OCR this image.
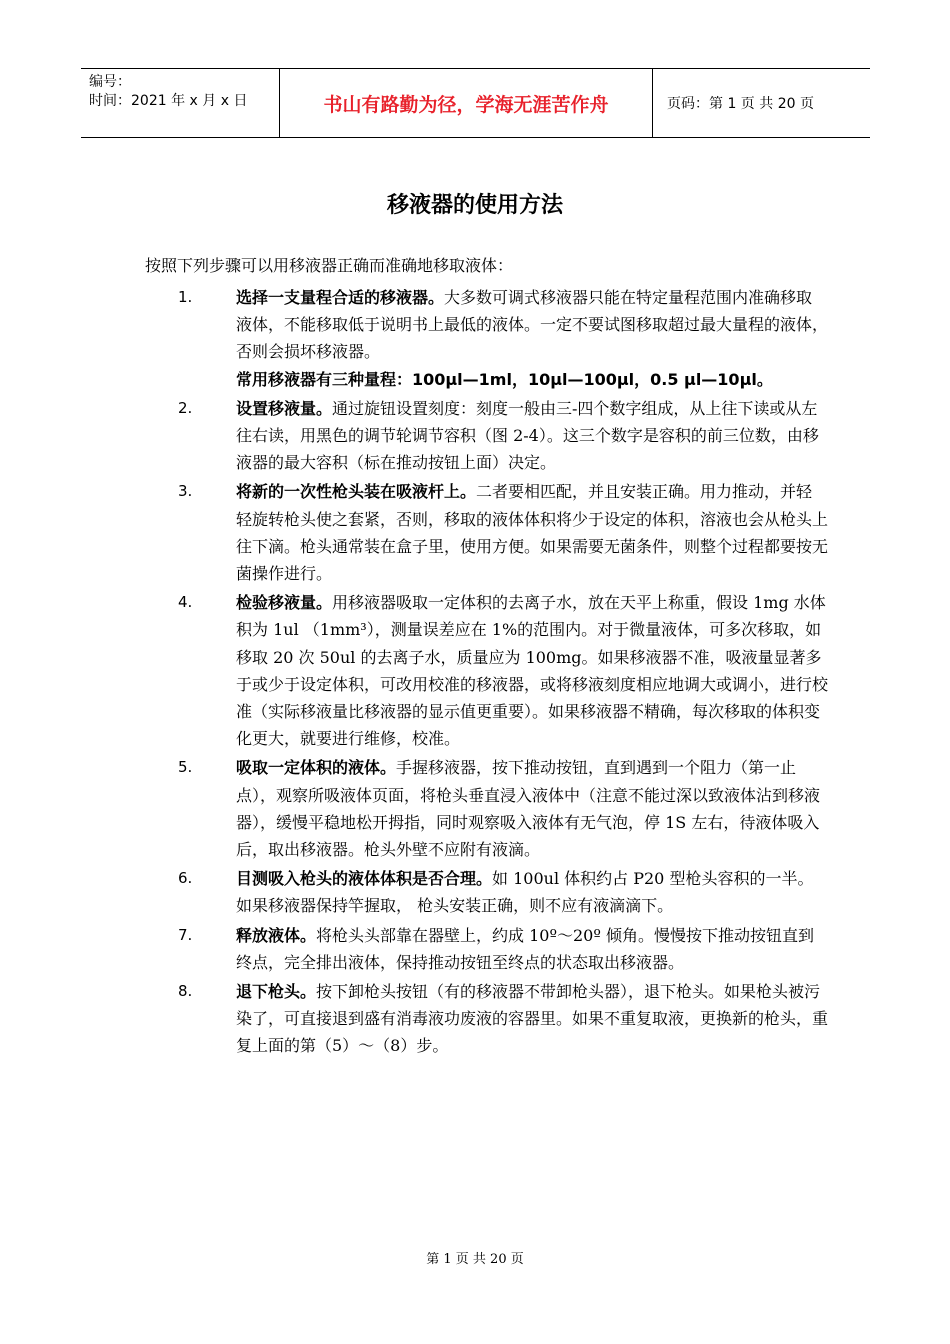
编号：
时间：2021 年 x 月 x 日	书山有路勤为径，学海无涯苦作舟	页码：第 1 页 共 20 页
移液器的使用方法
按照下列步骤可以用移液器正确而准确地移取液体：
1.	选择一支量程合适的移液器。大多数可调式移液器只能在特定量程范围内准确移取液体，不能移取低于说明书上最低的液体。一定不要试图移取超过最大量程的液体，否则会损坏移液器。
常用移液器有三种量程：100μl—1ml，10μl—100μl，0.5 μl—10μl。
2.	设置移液量。通过旋钮设置刻度：刻度一般由三-四个数字组成，从上往下读或从左往右读，用黑色的调节轮调节容积（图 2-4）。这三个数字是容积的前三位数，由移液器的最大容积（标在推动按钮上面）决定。
3.	将新的一次性枪头装在吸液杆上。二者要相匹配，并且安装正确。用力推动，并轻轻旋转枪头使之套紧，否则，移取的液体体积将少于设定的体积，溶液也会从枪头上往下滴。枪头通常装在盒子里，使用方便。如果需要无菌条件，则整个过程都要按无菌操作进行。
4.	检验移液量。用移液器吸取一定体积的去离子水，放在天平上称重，假设 1mg 水体积为 1ul （1mm³），测量误差应在 1%的范围内。对于微量液体，可多次移取，如移取 20 次 50ul 的去离子水，质量应为 100mg。如果移液器不准，吸液量显著多于或少于设定体积，可改用校准的移液器，或将移液刻度相应地调大或调小，进行校准（实际移液量比移液器的显示值更重要）。如果移液器不精确，每次移取的体积变化更大，就要进行维修，校准。
5.	吸取一定体积的液体。手握移液器，按下推动按钮，直到遇到一个阻力（第一止点），观察所吸液体页面，将枪头垂直浸入液体中（注意不能过深以致液体沾到移液器），缓慢平稳地松开拇指，同时观察吸入液体有无气泡，停 1S 左右，待液体吸入后，取出移液器。枪头外壁不应附有液滴。
6.	目测吸入枪头的液体体积是否合理。如 100ul 体积约占 P20 型枪头容积的一半。如果移液器保持竿握取， 枪头安装正确，则不应有液滴滴下。
7.	释放液体。将枪头头部靠在器壁上，约成 10º～20º 倾角。慢慢按下推动按钮直到终点，完全排出液体，保持推动按钮至终点的状态取出移液器。
8.	退下枪头。按下卸枪头按钮（有的移液器不带卸枪头器），退下枪头。如果枪头被污染了，可直接退到盛有消毒液功废液的容器里。如果不重复取液，更换新的枪头，重复上面的第（5）～（8）步。
第 1 页 共 20 页
